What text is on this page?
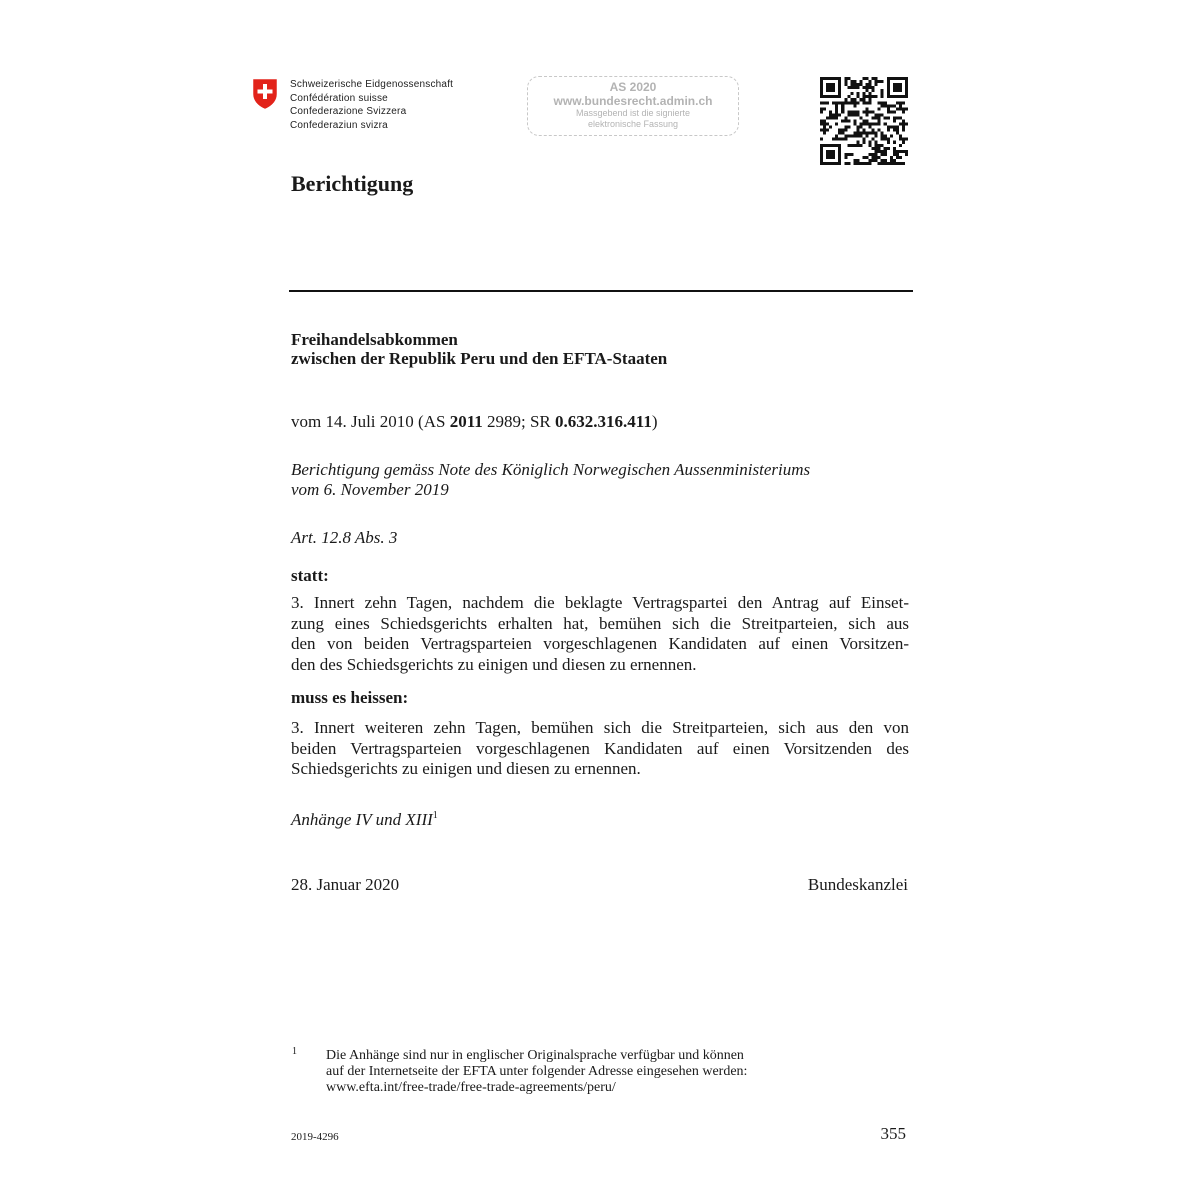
Schweizerische Eidgenossenschaft
Confédération suisse
Confederazione Svizzera
Confederaziun svizra
AS 2020
www.bundesrecht.admin.ch
Massgebend ist die signierte
elektronische Fassung
Berichtigung
Freihandelsabkommen
zwischen der Republik Peru und den EFTA-Staaten
vom 14. Juli 2010 (AS 2011 2989; SR 0.632.316.411)
Berichtigung gemäss Note des Königlich Norwegischen Aussenministeriums
vom 6. November 2019
Art. 12.8 Abs. 3
statt:
3. Innert zehn Tagen, nachdem die beklagte Vertragspartei den Antrag auf Einset-
zung eines Schiedsgerichts erhalten hat, bemühen sich die Streitparteien, sich aus
den von beiden Vertragsparteien vorgeschlagenen Kandidaten auf einen Vorsitzen-
den des Schiedsgerichts zu einigen und diesen zu ernennen.
muss es heissen:
3. Innert weiteren zehn Tagen, bemühen sich die Streitparteien, sich aus den von
beiden Vertragsparteien vorgeschlagenen Kandidaten auf einen Vorsitzenden des
Schiedsgerichts zu einigen und diesen zu ernennen.
Anhänge IV und XIII$^1$
28. Januar 2020	Bundeskanzlei
1 Die Anhänge sind nur in englischer Originalsprache verfügbar und können
auf der Internetseite der EFTA unter folgender Adresse eingesehen werden:
www.efta.int/free-trade/free-trade-agreements/peru/
2019-4296	355
